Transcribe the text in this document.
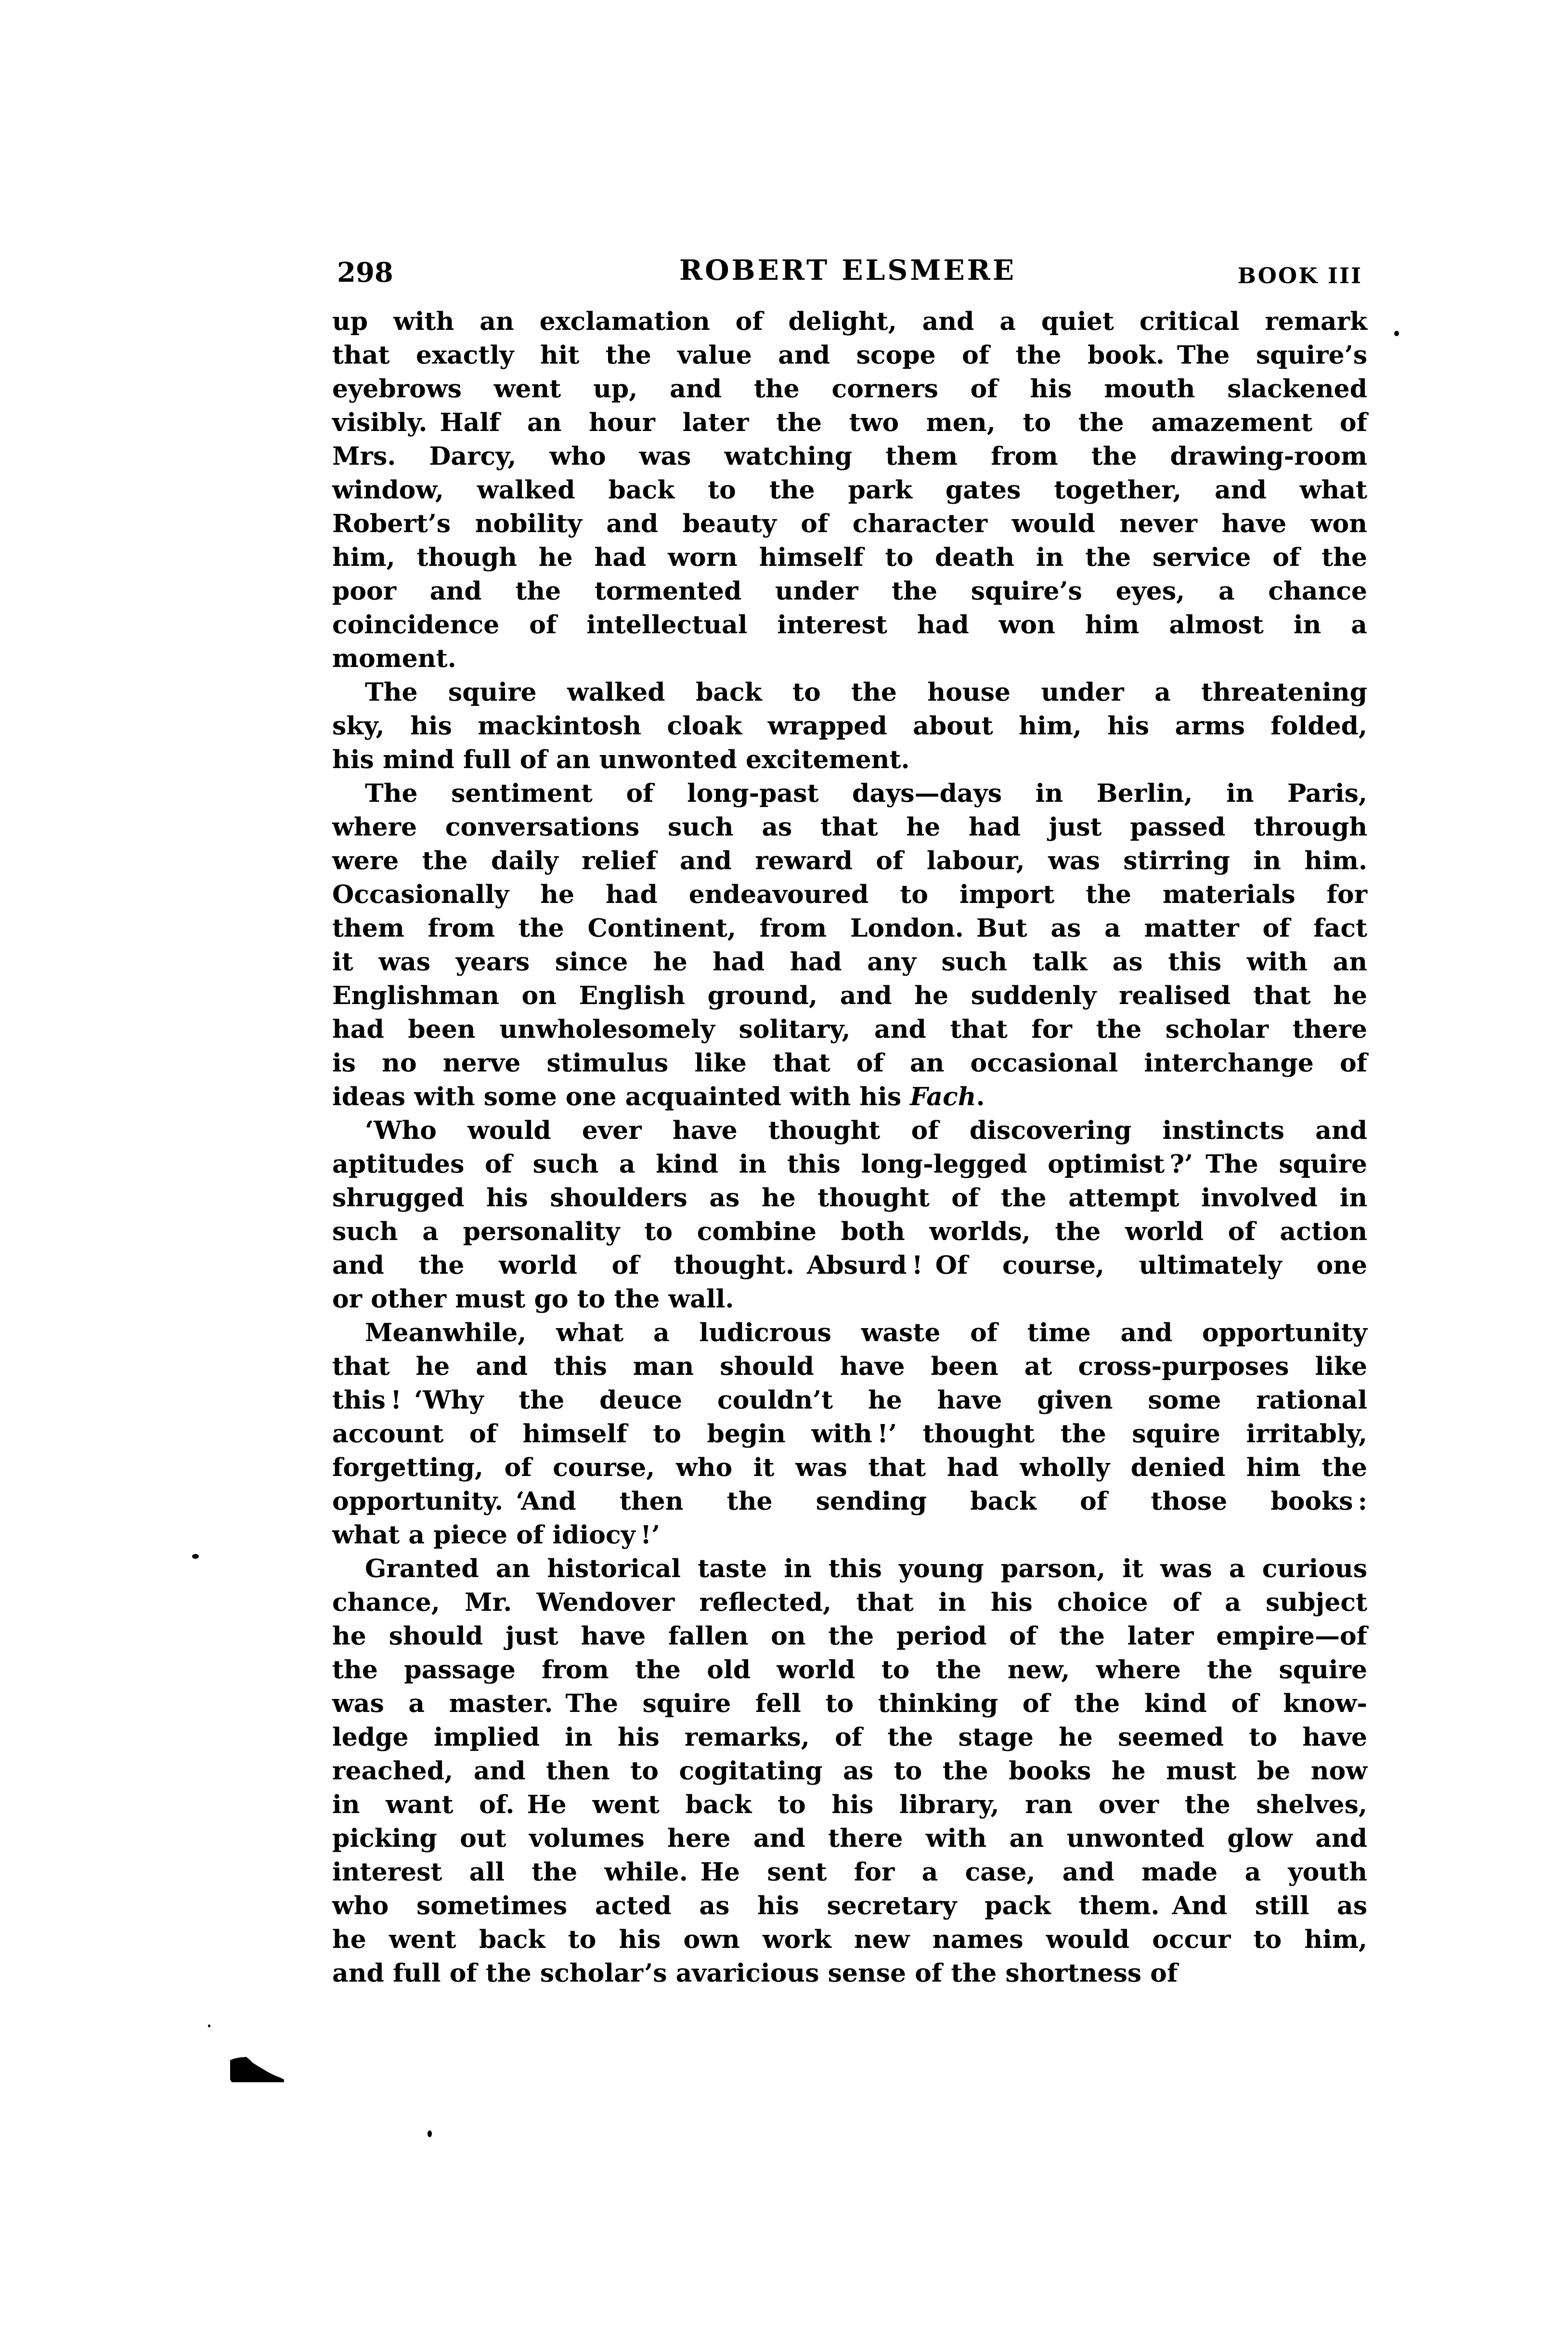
298	ROBERT ELSMERE	BOOK III
up with an exclamation of delight, and a quiet critical remark
that exactly hit the value and scope of the book. The squire’s
eyebrows went up, and the corners of his mouth slackened
visibly. Half an hour later the two men, to the amazement of
Mrs. Darcy, who was watching them from the drawing-room
window, walked back to the park gates together, and what
Robert’s nobility and beauty of character would never have won
him, though he had worn himself to death in the service of the
poor and the tormented under the squire’s eyes, a chance
coincidence of intellectual interest had won him almost in a
moment.
The squire walked back to the house under a threatening
sky, his mackintosh cloak wrapped about him, his arms folded,
his mind full of an unwonted excitement.
The sentiment of long-past days—days in Berlin, in Paris,
where conversations such as that he had just passed through
were the daily relief and reward of labour, was stirring in him.
Occasionally he had endeavoured to import the materials for
them from the Continent, from London. But as a matter of fact
it was years since he had had any such talk as this with an
Englishman on English ground, and he suddenly realised that he
had been unwholesomely solitary, and that for the scholar there
is no nerve stimulus like that of an occasional interchange of
ideas with some one acquainted with his Fach.
‘Who would ever have thought of discovering instincts and
aptitudes of such a kind in this long-legged optimist ?’ The squire
shrugged his shoulders as he thought of the attempt involved in
such a personality to combine both worlds, the world of action
and the world of thought. Absurd ! Of course, ultimately one
or other must go to the wall.
Meanwhile, what a ludicrous waste of time and opportunity
that he and this man should have been at cross-purposes like
this ! ‘Why the deuce couldn’t he have given some rational
account of himself to begin with !’ thought the squire irritably,
forgetting, of course, who it was that had wholly denied him the
opportunity. ‘And then the sending back of those books :
what a piece of idiocy !’
Granted an historical taste in this young parson, it was a curious
chance, Mr. Wendover reflected, that in his choice of a subject
he should just have fallen on the period of the later empire—of
the passage from the old world to the new, where the squire
was a master. The squire fell to thinking of the kind of know-
ledge implied in his remarks, of the stage he seemed to have
reached, and then to cogitating as to the books he must be now
in want of. He went back to his library, ran over the shelves,
picking out volumes here and there with an unwonted glow and
interest all the while. He sent for a case, and made a youth
who sometimes acted as his secretary pack them. And still as
he went back to his own work new names would occur to him,
and full of the scholar’s avaricious sense of the shortness of
